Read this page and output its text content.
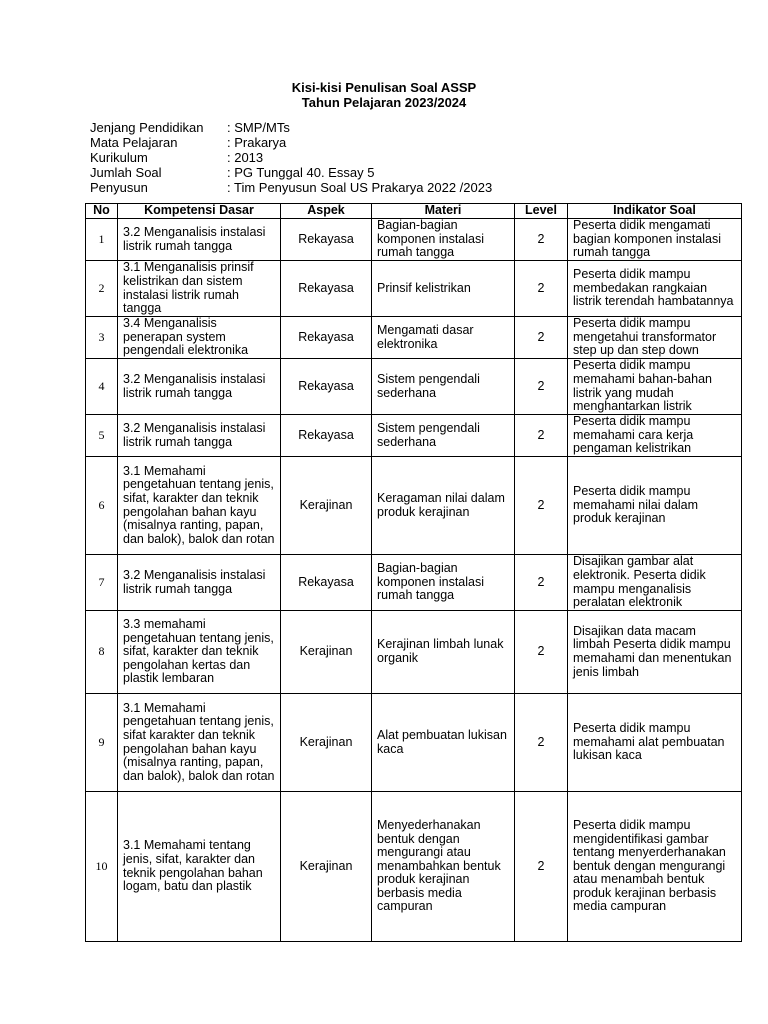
Kisi-kisi Penulisan Soal ASSP
Tahun Pelajaran 2023/2024
Jenjang Pendidikan	: SMP/MTs
Mata Pelajaran	: Prakarya
Kurikulum	: 2013
Jumlah Soal	: PG Tunggal 40. Essay 5
Penyusun	: Tim Penyusun Soal US Prakarya 2022 /2023
No	Kompetensi Dasar	Aspek	Materi	Level	Indikator Soal
1	3.2 Menganalisis instalasi listrik rumah tangga	Rekayasa	Bagian-bagian komponen instalasi rumah tangga	2	Peserta didik mengamati bagian komponen instalasi rumah tangga
2	3.1 Menganalisis prinsif kelistrikan dan sistem instalasi listrik rumah tangga	Rekayasa	Prinsif kelistrikan	2	Peserta didik mampu membedakan rangkaian listrik terendah hambatannya
3	3.4 Menganalisis penerapan system pengendali elektronika	Rekayasa	Mengamati dasar elektronika	2	Peserta didik mampu mengetahui transformator step up dan step down
4	3.2 Menganalisis instalasi listrik rumah tangga	Rekayasa	Sistem pengendali sederhana	2	Peserta didik mampu memahami bahan-bahan listrik yang mudah menghantarkan listrik
5	3.2 Menganalisis instalasi listrik rumah tangga	Rekayasa	Sistem pengendali sederhana	2	Peserta didik mampu memahami cara kerja pengaman kelistrikan
6	3.1 Memahami pengetahuan tentang jenis, sifat, karakter dan teknik pengolahan bahan kayu (misalnya ranting, papan, dan balok), balok dan rotan	Kerajinan	Keragaman nilai dalam produk kerajinan	2	Peserta didik mampu memahami nilai dalam produk kerajinan
7	3.2 Menganalisis instalasi listrik rumah tangga	Rekayasa	Bagian-bagian komponen instalasi rumah tangga	2	Disajikan gambar alat elektronik. Peserta didik mampu menganalisis peralatan elektronik
8	3.3 memahami pengetahuan tentang jenis, sifat, karakter dan teknik pengolahan kertas dan plastik lembaran	Kerajinan	Kerajinan limbah lunak organik	2	Disajikan data macam limbah Peserta didik mampu memahami dan menentukan jenis limbah
9	3.1 Memahami pengetahuan tentang jenis, sifat karakter dan teknik pengolahan bahan kayu (misalnya ranting, papan, dan balok), balok dan rotan	Kerajinan	Alat pembuatan lukisan kaca	2	Peserta didik mampu memahami alat pembuatan lukisan kaca
10	3.1 Memahami tentang jenis, sifat, karakter dan teknik pengolahan bahan logam, batu dan plastik	Kerajinan	Menyederhanakan bentuk dengan mengurangi atau menambahkan bentuk produk kerajinan berbasis media campuran	2	Peserta didik mampu mengidentifikasi gambar tentang menyerderhanakan bentuk dengan mengurangi atau menambah bentuk produk kerajinan berbasis media campuran
